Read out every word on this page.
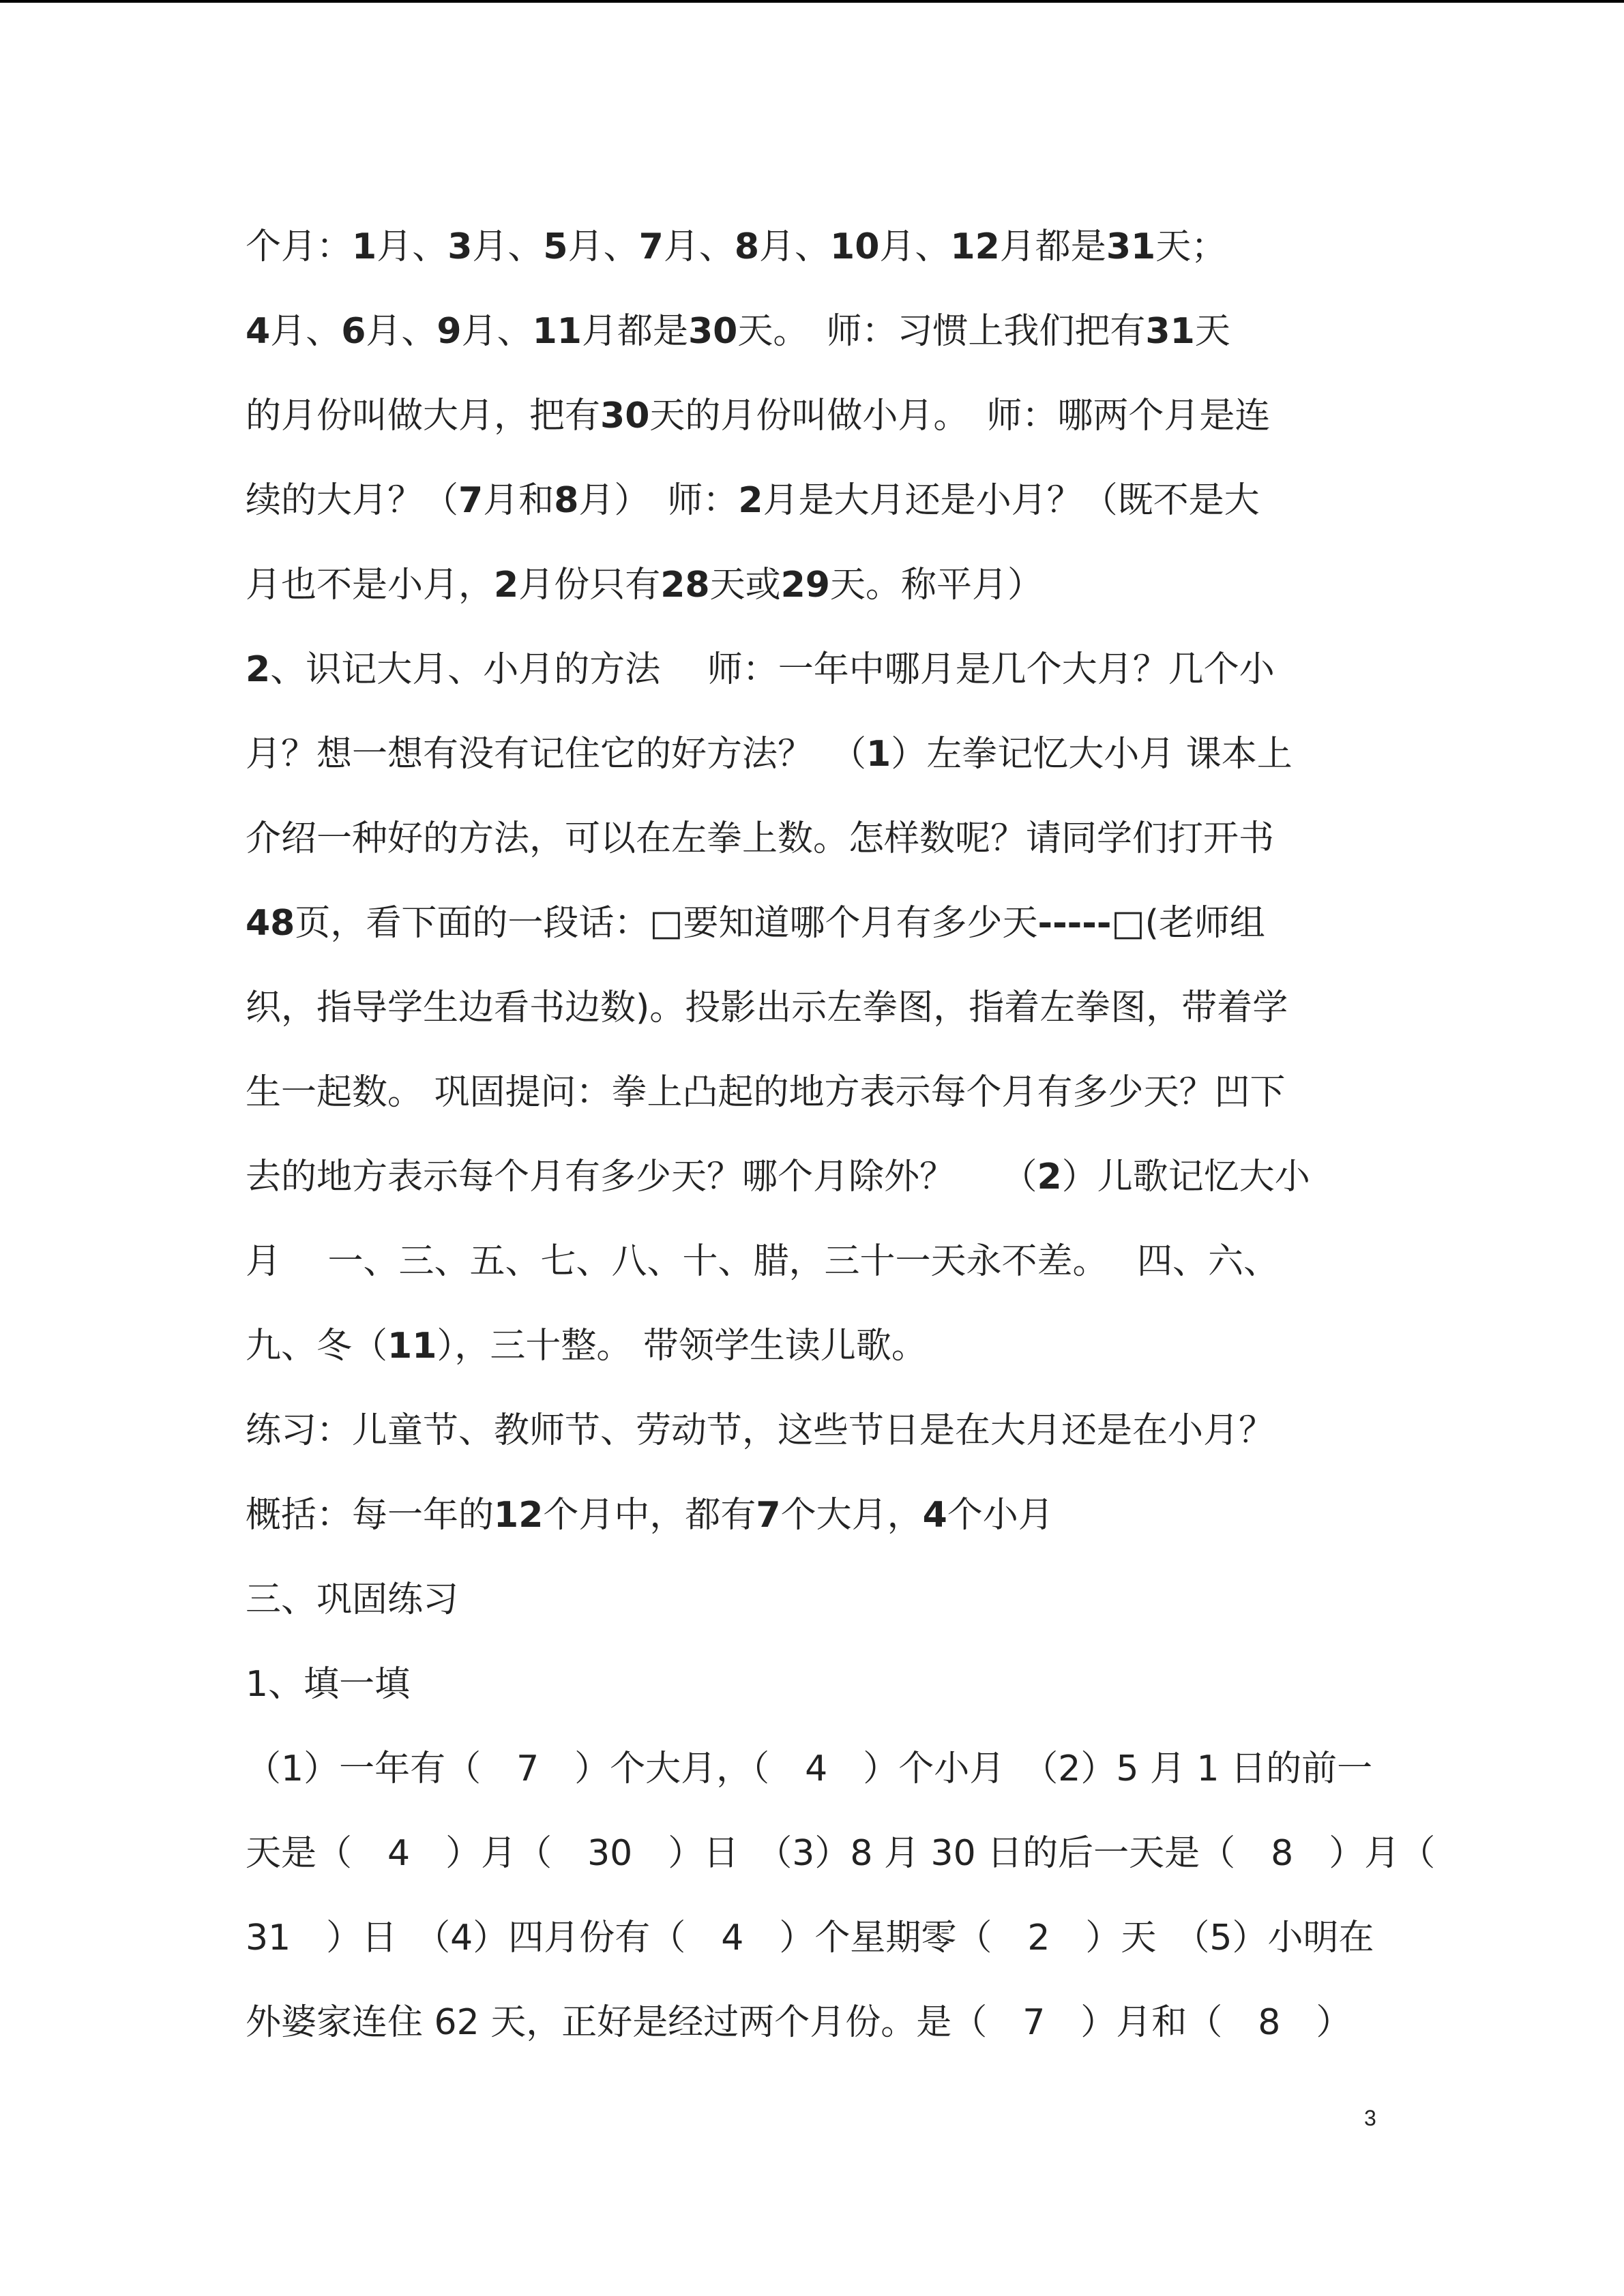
个月：1月、3月、5月、7月、8月、10月、12月都是31天；
4月、6月、9月、11月都是30天。　师：习惯上我们把有31天
的月份叫做大月，把有30天的月份叫做小月。　师：哪两个月是连
续的大月？（7月和8月）　师：2月是大月还是小月？（既不是大
月也不是小月，2月份只有28天或29天。称平月）
2、识记大月、小月的方法　 师：一年中哪月是几个大月？几个小
月？想一想有没有记住它的好方法？　（1）左拳记忆大小月 课本上
介绍一种好的方法，可以在左拳上数。怎样数呢？请同学们打开书
48页，看下面的一段话：□要知道哪个月有多少天-----□(老师组
织，指导学生边看书边数)。投影出示左拳图，指着左拳图，带着学
生一起数。 巩固提问：拳上凸起的地方表示每个月有多少天？凹下
去的地方表示每个月有多少天？哪个月除外？　 （2）儿歌记忆大小
月　 一、三、五、七、八、十、腊，三十一天永不差。　 四、六、
九、冬（11），三十整。 带领学生读儿歌。
练习：儿童节、教师节、劳动节，这些节日是在大月还是在小月？
概括：每一年的12个月中，都有7个大月，4个小月
三、巩固练习
1、填一填
（1）一年有（　7　）个大月，（　4　）个小月　（2）5 月 1 日的前一
天是（　4　）月（　30　）日　（3）8 月 30 日的后一天是（　8　）月（
31　）日　（4）四月份有（　4　）个星期零（　2　）天　（5）小明在
外婆家连住 62 天，正好是经过两个月份。是（　7　）月和（　8　）
3
